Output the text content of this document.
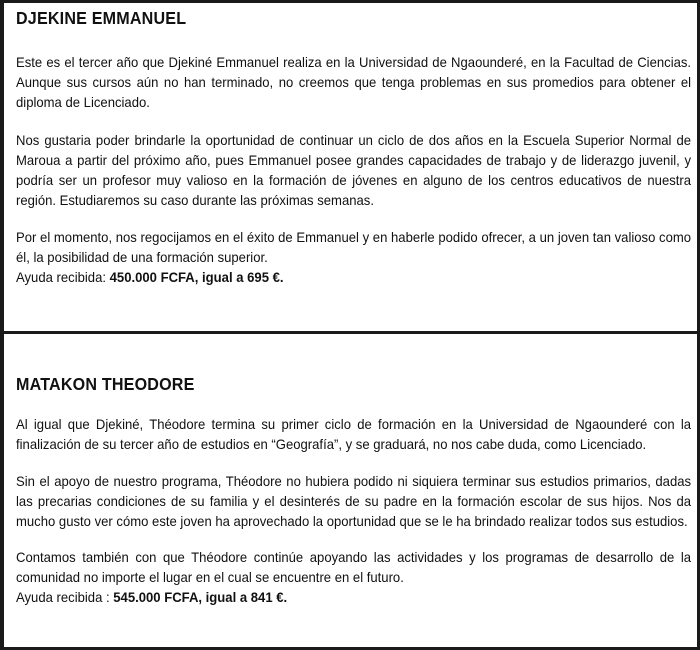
DJEKINE EMMANUEL

Este es el tercer año que Djekiné Emmanuel realiza en la Universidad de Ngaounderé, en la Facultad de Ciencias. Aunque sus cursos aún no han terminado, no creemos que tenga problemas en sus promedios para obtener el diploma de Licenciado.

Nos gustaria poder brindarle la oportunidad de continuar un ciclo de dos años en la Escuela Superior Normal de Maroua a partir del próximo año, pues Emmanuel posee grandes capacidades de trabajo y de liderazgo juvenil, y podría ser un profesor muy valioso en la formación de jóvenes en alguno de los centros educativos de nuestra región. Estudiaremos su caso durante las próximas semanas.

Por el momento, nos regocijamos en el éxito de Emmanuel y en haberle podido ofrecer, a un joven tan valioso como él, la posibilidad de una formación superior.

Ayuda recibida: 450.000 FCFA, igual a 695 €.

MATAKON THEODORE

Al igual que Djekiné, Théodore termina su primer ciclo de formación en la Universidad de Ngaounderé con la finalización de su tercer año de estudios en “Geografía”, y se graduará, no nos cabe duda, como Licenciado.

Sin el apoyo de nuestro programa, Théodore no hubiera podido ni siquiera terminar sus estudios primarios, dadas las precarias condiciones de su familia y el desinterés de su padre en la formación escolar de sus hijos. Nos da mucho gusto ver cómo este joven ha aprovechado la oportunidad que se le ha brindado realizar todos sus estudios.

Contamos también con que Théodore continúe apoyando las actividades y los programas de desarrollo de la comunidad no importe el lugar en el cual se encuentre en el futuro.

Ayuda recibida : 545.000 FCFA, igual a 841 €.
